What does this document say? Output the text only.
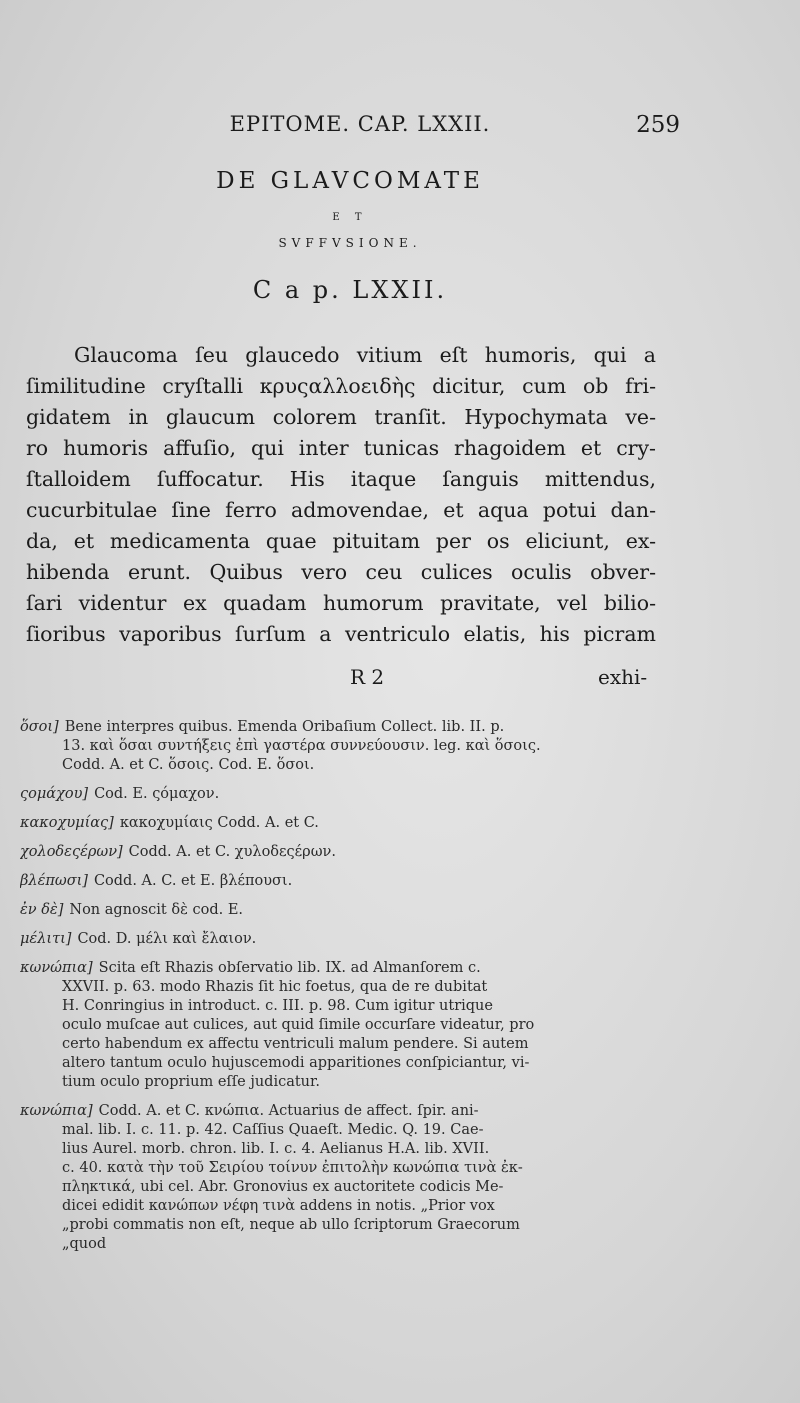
EPITOME. CAP. LXXII.	259
DE GLAVCOMATE
E T
SVFFVSIONE.
C a p. LXXII.
Glaucoma ſeu glaucedo vitium eſt humoris, qui a
ſimilitudine cryſtalli κρυςαλλοειδὴς dicitur, cum ob fri-
gidatem in glaucum colorem tranſit. Hypochymata ve-
ro humoris affuſio, qui inter tunicas rhagoidem et cry-
ſtalloidem ſuffocatur. His itaque ſanguis mittendus,
cucurbitulae ſine ferro admovendae, et aqua potui dan-
da, et medicamenta quae pituitam per os eliciunt, ex-
hibenda erunt. Quibus vero ceu culices oculis obver-
ſari videntur ex quadam humorum pravitate, vel bilio-
ſioribus vaporibus ſurſum a ventriculo elatis, his picram
R 2	exhi-
ὅσοι] Bene interpres quibus. Emenda Oribaſium Collect. lib. II. p.
13. καὶ ὅσαι συντήξεις ἐπὶ γαστέρα συννεύουσιν. leg. καὶ ὅσοις.
Codd. A. et C. ὅσοις. Cod. E. ὅσοι.
ςομάχου] Cod. E. ςόμαχον.
κακοχυμίας] κακοχυμίαις Codd. A. et C.
χολοδεςέρων] Codd. A. et C. χυλοδεςέρων.
βλέπωσι] Codd. A. C. et E. βλέπουσι.
ἐν δὲ] Non agnoscit δὲ cod. E.
μέλιτι] Cod. D. μέλι καὶ ἔλαιον.
κωνώπια] Scita eſt Rhazis obſervatio lib. IX. ad Almanſorem c.
XXVII. p. 63. modo Rhazis ſit hic foetus, qua de re dubitat
H. Conringius in introduct. c. III. p. 98. Cum igitur utrique
oculo muſcae aut culices, aut quid ſimile occurſare videatur, pro
certo habendum ex affectu ventriculi malum pendere. Si autem
altero tantum oculo hujuscemodi apparitiones conſpiciantur, vi-
tium oculo proprium eſſe judicatur.
κωνώπια] Codd. A. et C. κνώπια. Actuarius de affect. ſpir. ani-
mal. lib. I. c. 11. p. 42. Caſſius Quaeſt. Medic. Q. 19. Cae-
lius Aurel. morb. chron. lib. I. c. 4. Aelianus H.A. lib. XVII.
c. 40. κατὰ τὴν τοῦ Σειρίου τοίνυν ἐπιτολὴν κωνώπια τινὰ ἐκ-
πληκτικά, ubi cel. Abr. Gronovius ex auctoritete codicis Me-
dicei edidit κανώπων νέφη τινὰ addens in notis. „Prior vox
„probi commatis non eſt, neque ab ullo ſcriptorum Graecorum
„quod
